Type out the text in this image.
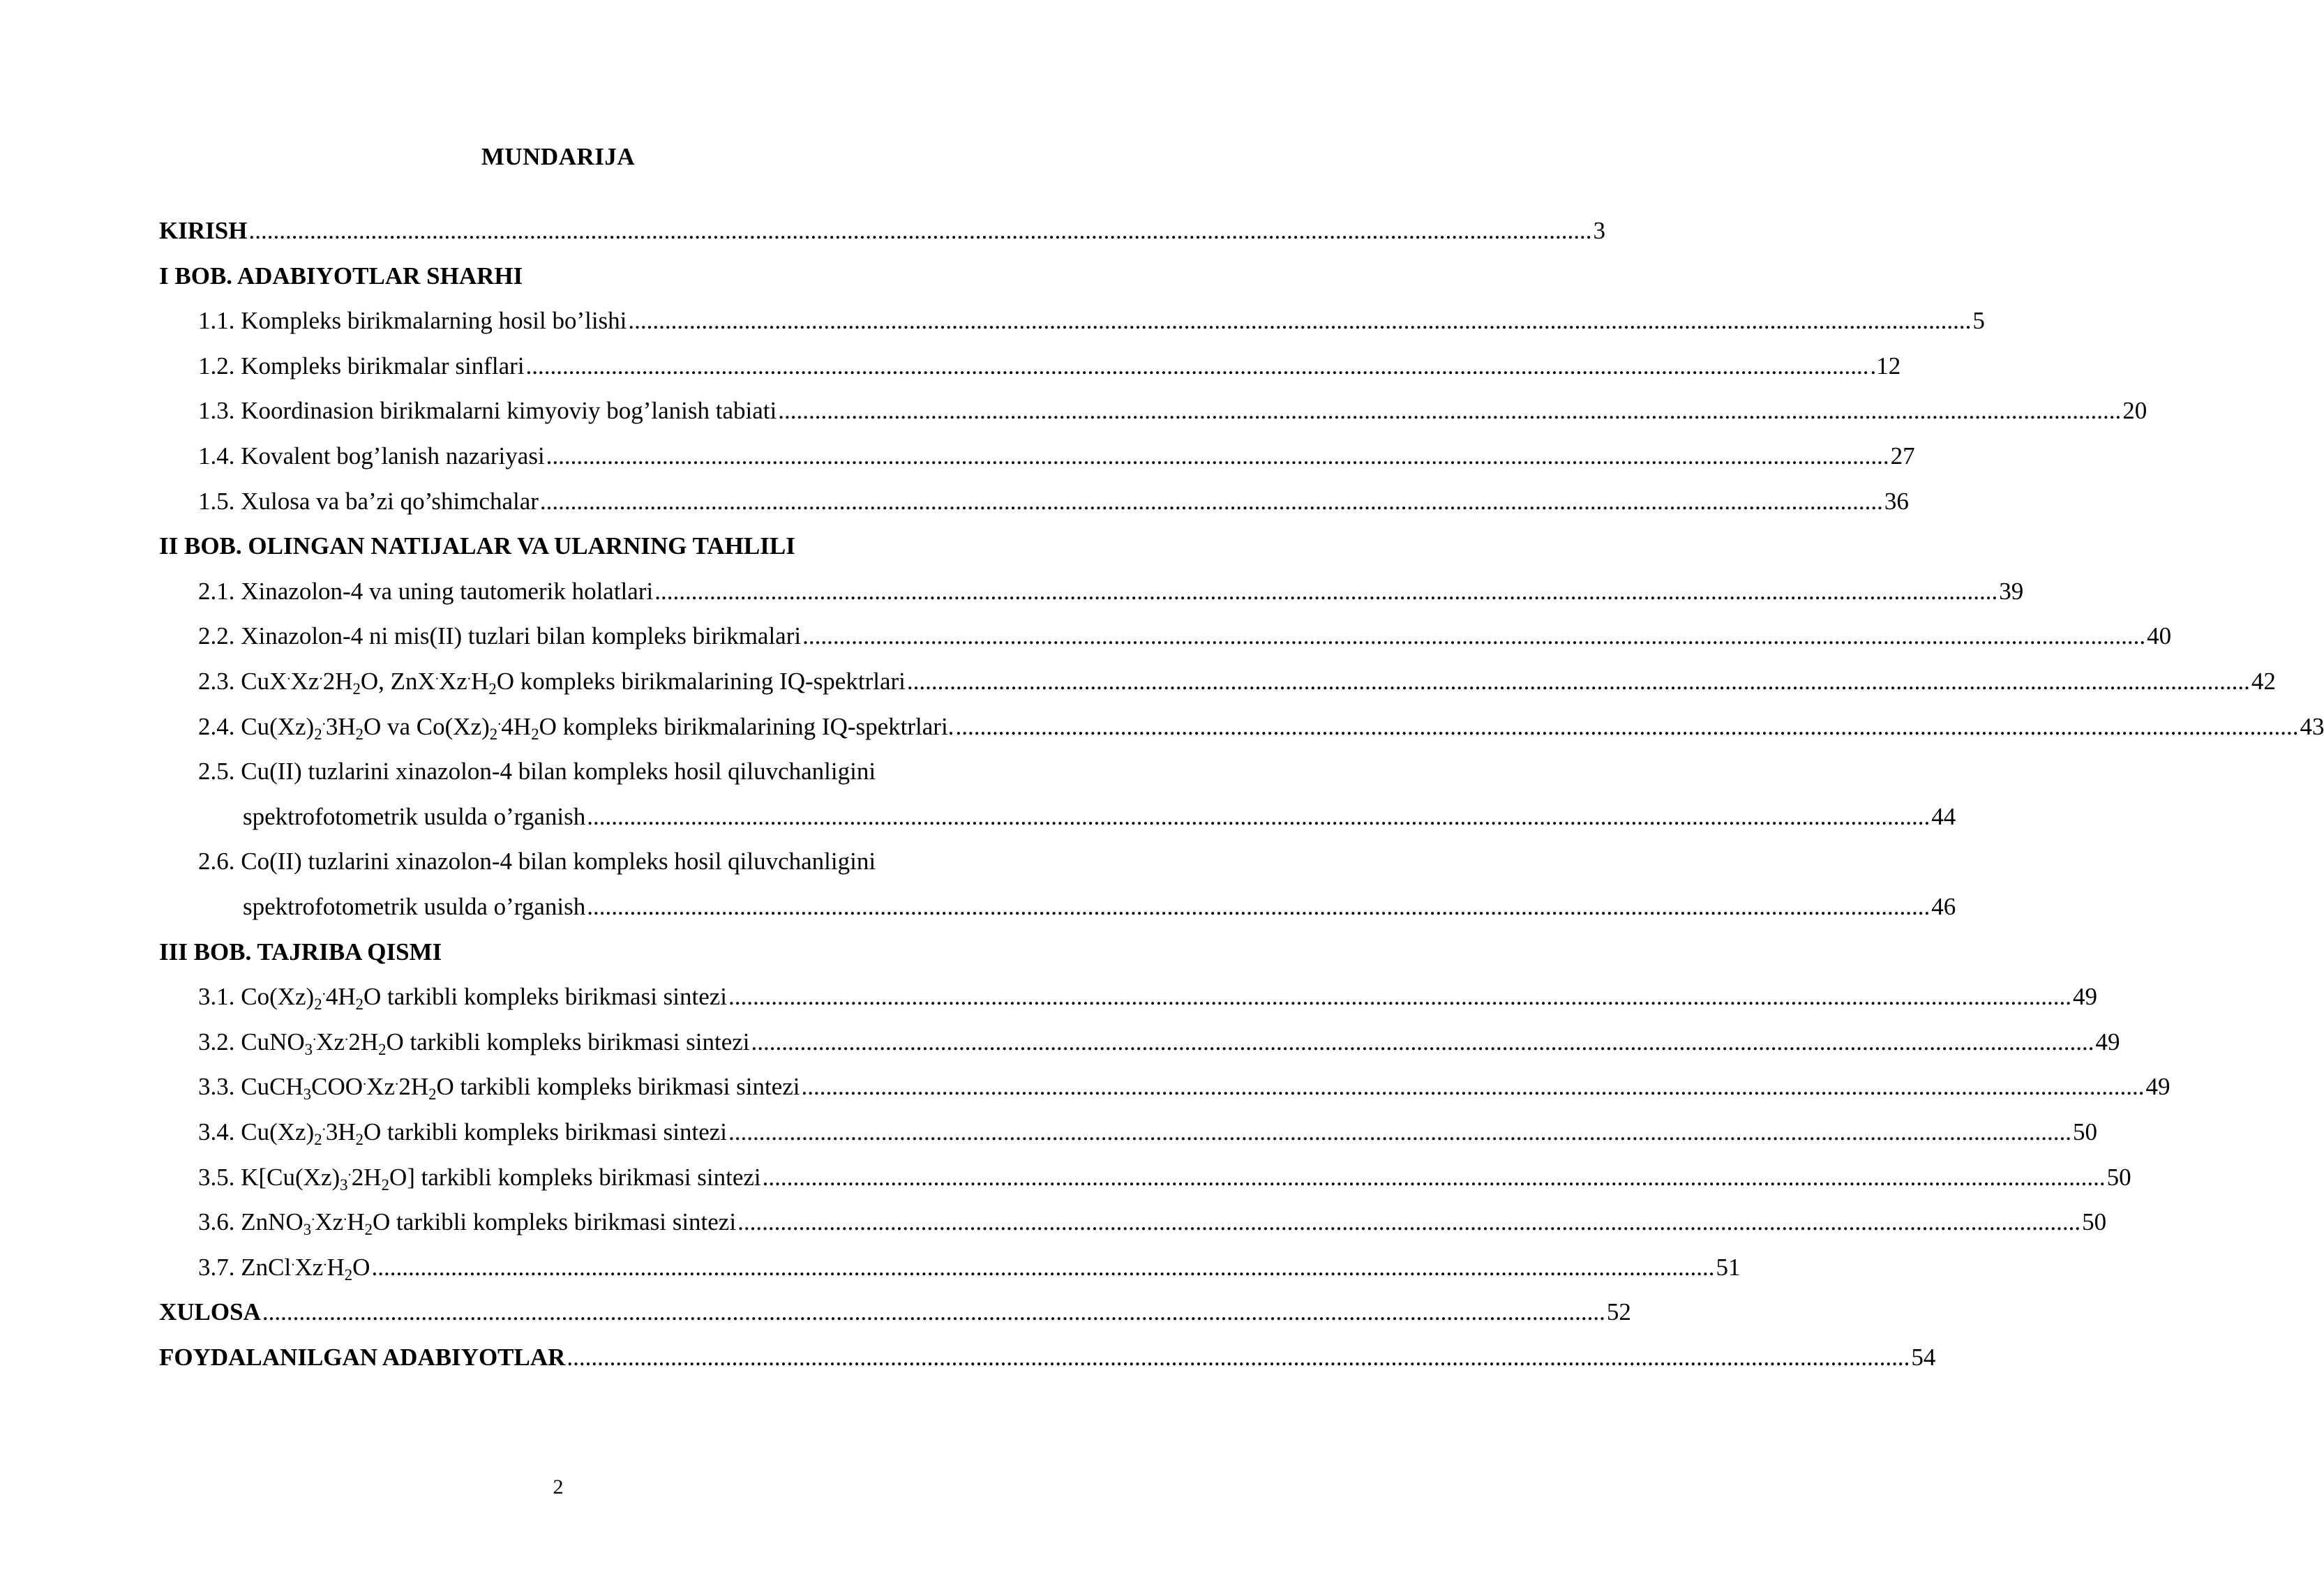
MUNDARIJA
KIRISH ............................................................................................................................................................................................................................ 3
I BOB. ADABIYOTLAR SHARHI
1.1. Kompleks birikmalarning hosil bo’lishi ............................................................................................................................................................................................................................ 5
1.2. Kompleks birikmalar sinflari ............................................................................................................................................................................................................................ .12
1.3. Koordinasion birikmalarni kimyoviy bog’lanish tabiati ............................................................................................................................................................................................................................ 20
1.4. Kovalent bog’lanish nazariyasi ............................................................................................................................................................................................................................ 27
1.5. Xulosa va ba’zi qo’shimchalar ............................................................................................................................................................................................................................ 36
II BOB. OLINGAN NATIJALAR VA ULARNING TAHLILI
2.1. Xinazolon-4 va uning tautomerik holatlari ............................................................................................................................................................................................................................ 39
2.2. Xinazolon-4 ni mis(II) tuzlari bilan kompleks birikmalari ............................................................................................................................................................................................................................ 40
2.3. $CuX^.Xz^.2H_2O$, $ZnX^.Xz^.H_2O$ kompleks birikmalarining IQ-spektrlari ............................................................................................................................................................................................................................ 42
2.4. $Cu(Xz)_2^.3H_2O$ va $Co(Xz)_2^.4H_2O$ kompleks birikmalarining IQ-spektrlari. ............................................................................................................................................................................................................................ 43
2.5. Cu(II) tuzlarini xinazolon-4 bilan kompleks hosil qiluvchanligini
spektrofotometrik usulda o’rganish ............................................................................................................................................................................................................................ 44
2.6. Co(II) tuzlarini xinazolon-4 bilan kompleks hosil qiluvchanligini
spektrofotometrik usulda o’rganish ............................................................................................................................................................................................................................ 46
III BOB. TAJRIBA QISMI
3.1. $Co(Xz)_2^.4H_2O$ tarkibli kompleks birikmasi sintezi ............................................................................................................................................................................................................................ 49
3.2. $CuNO_3^.Xz^.2H_2O$ tarkibli kompleks birikmasi sintezi ............................................................................................................................................................................................................................ 49
3.3. $CuCH_3COO^.Xz^.2H_2O$ tarkibli kompleks birikmasi sintezi ............................................................................................................................................................................................................................ 49
3.4. $Cu(Xz)_2^.3H_2O$ tarkibli kompleks birikmasi sintezi ............................................................................................................................................................................................................................ 50
3.5. $K[Cu(Xz)_3^.2H_2O]$ tarkibli kompleks birikmasi sintezi ............................................................................................................................................................................................................................ 50
3.6. $ZnNO_3^.Xz^.H_2O$ tarkibli kompleks birikmasi sintezi ............................................................................................................................................................................................................................ 50
3.7. $ZnCl^.Xz^.H_2O$ ............................................................................................................................................................................................................................ 51
XULOSA ............................................................................................................................................................................................................................ 52
FOYDALANILGAN ADABIYOTLAR ............................................................................................................................................................................................................................ 54
2
